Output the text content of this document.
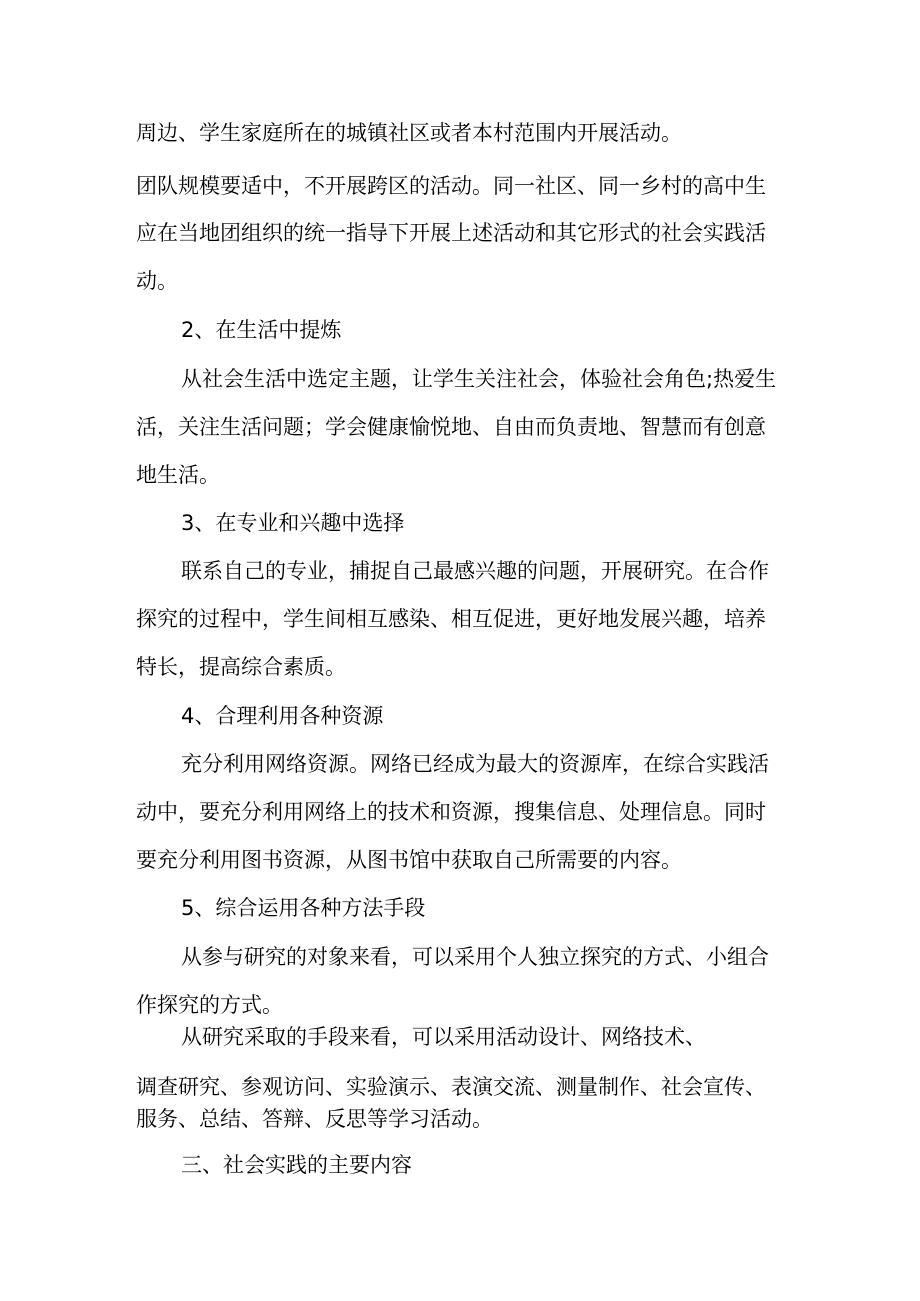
周边、学生家庭所在的城镇社区或者本村范围内开展活动。
团队规模要适中，不开展跨区的活动。同一社区、同一乡村的高中生
应在当地团组织的统一指导下开展上述活动和其它形式的社会实践活
动。
2、在生活中提炼
从社会生活中选定主题，让学生关注社会，体验社会角色;热爱生
活，关注生活问题；学会健康愉悦地、自由而负责地、智慧而有创意
地生活。
3、在专业和兴趣中选择
联系自己的专业，捕捉自己最感兴趣的问题，开展研究。在合作
探究的过程中，学生间相互感染、相互促进，更好地发展兴趣，培养
特长，提高综合素质。
4、合理利用各种资源
充分利用网络资源。网络已经成为最大的资源库，在综合实践活
动中，要充分利用网络上的技术和资源，搜集信息、处理信息。同时
要充分利用图书资源，从图书馆中获取自己所需要的内容。
5、综合运用各种方法手段
从参与研究的对象来看，可以采用个人独立探究的方式、小组合
作探究的方式。
从研究采取的手段来看，可以采用活动设计、网络技术、
调查研究、参观访问、实验演示、表演交流、测量制作、社会宣传、
服务、总结、答辩、反思等学习活动。
三、社会实践的主要内容
